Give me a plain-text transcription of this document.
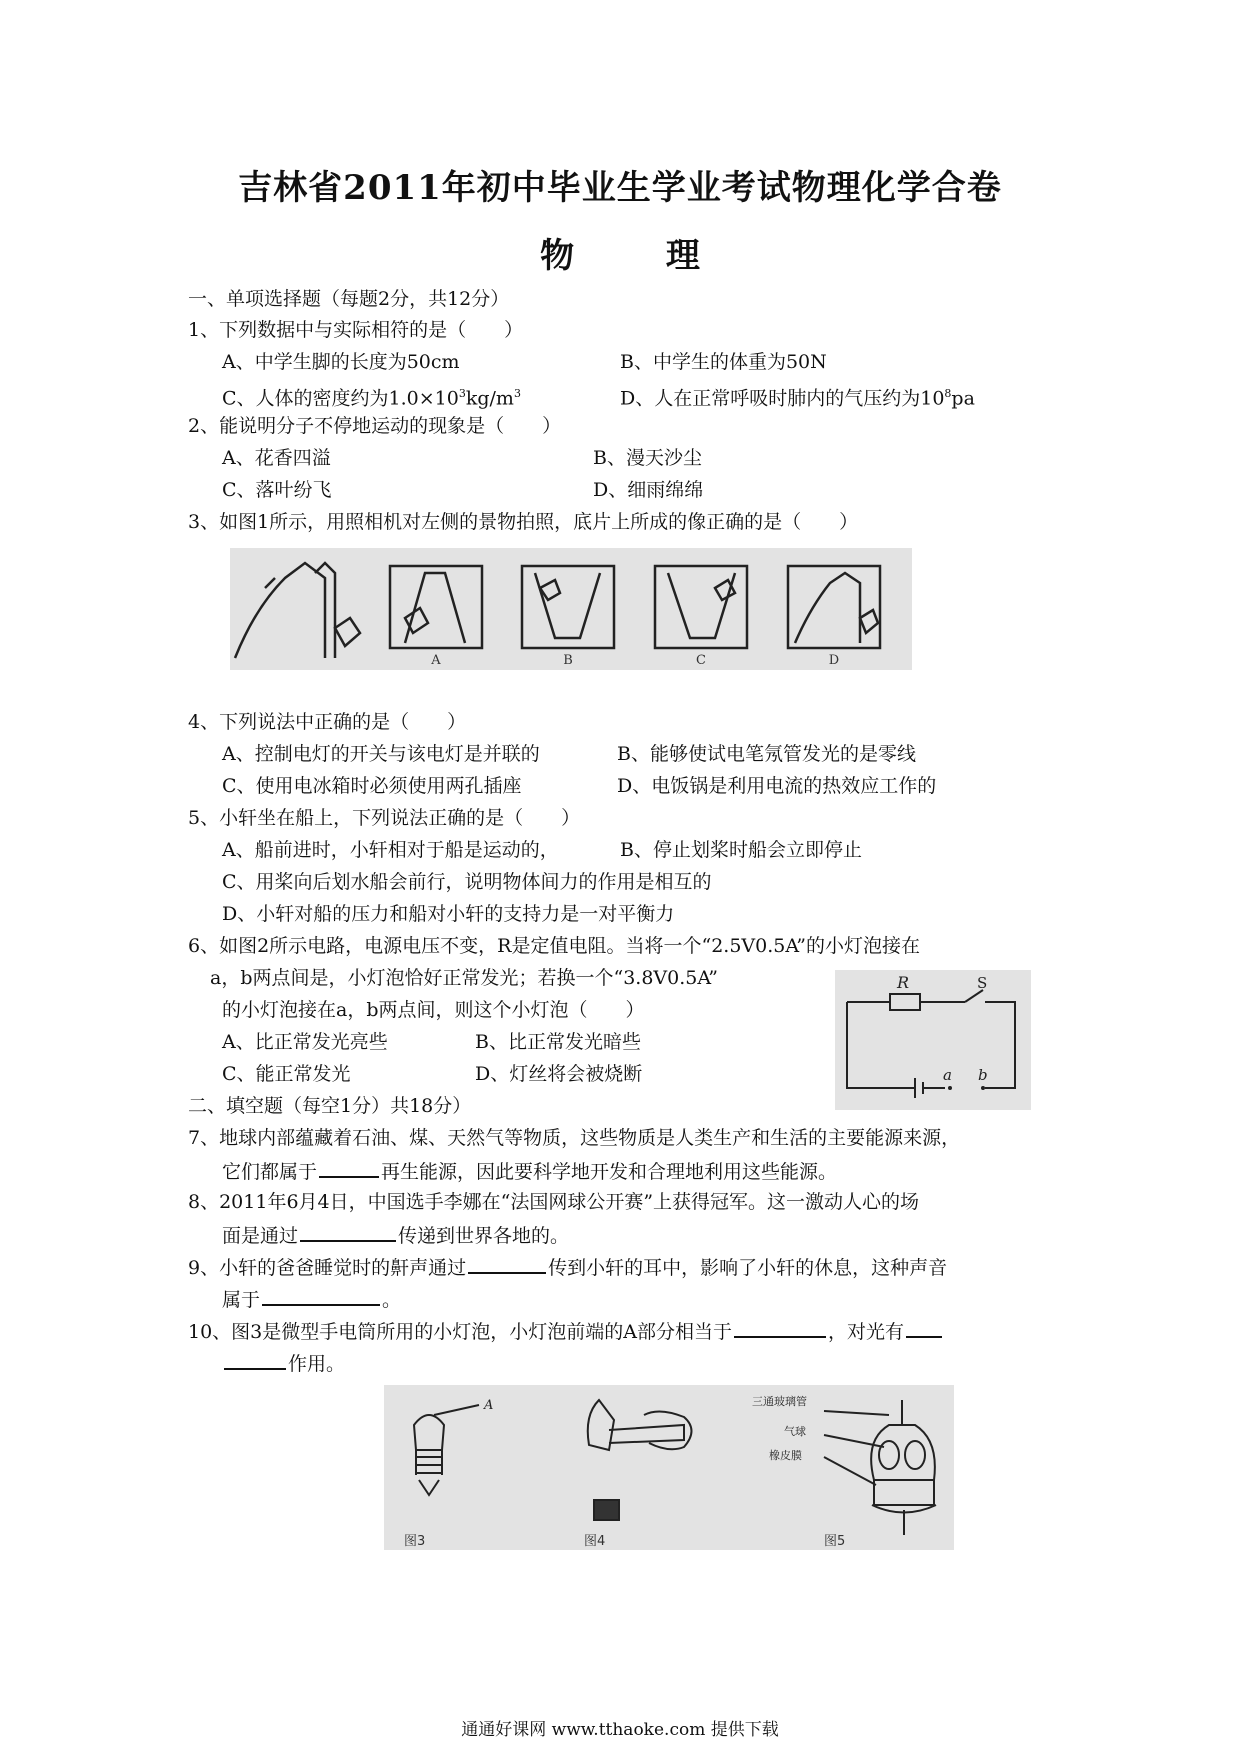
吉林省2011年初中毕业生学业考试物理化学合卷
物 理
一、单项选择题（每题2分，共12分）
1、下列数据中与实际相符的是（　　）
A、中学生脚的长度为50cm	B、中学生的体重为50N
C、人体的密度约为$1.0\times 10^3kg/m^3$	D、人在正常呼吸时肺内的气压约为$10^8pa$
2、能说明分子不停地运动的现象是（　　）
A、花香四溢	B、漫天沙尘
C、落叶纷飞	D、细雨绵绵
3、如图1所示，用照相机对左侧的景物拍照，底片上所成的像正确的是（　　）
A	B	C	D
4、下列说法中正确的是（　　）
A、控制电灯的开关与该电灯是并联的	B、能够使试电笔氖管发光的是零线
C、使用电冰箱时必须使用两孔插座	D、电饭锅是利用电流的热效应工作的
5、小轩坐在船上，下列说法正确的是（　　）
A、船前进时，小轩相对于船是运动的，	B、停止划桨时船会立即停止
C、用桨向后划水船会前行，说明物体间力的作用是相互的
D、小轩对船的压力和船对小轩的支持力是一对平衡力
6、如图2所示电路，电源电压不变，R是定值电阻。当将一个“2.5V0.5A”的小灯泡接在
a，b两点间是，小灯泡恰好正常发光；若换一个“3.8V0.5A”
的小灯泡接在a，b两点间，则这个小灯泡（　　）
A、比正常发光亮些	B、比正常发光暗些
C、能正常发光	D、灯丝将会被烧断
R	S
a b
二、填空题（每空1分）共18分）
7、地球内部蕴藏着石油、煤、天然气等物质，这些物质是人类生产和生活的主要能源来源，
它们都属于	再生能源，因此要科学地开发和合理地利用这些能源。
8、2011年6月4日，中国选手李娜在“法国网球公开赛”上获得冠军。这一激动人心的场
面是通过	传递到世界各地的。
9、小轩的爸爸睡觉时的鼾声通过	传到小轩的耳中，影响了小轩的休息，这种声音
属于	。
10、图3是微型手电筒所用的小灯泡，小灯泡前端的A部分相当于	，对光有
作用。
A
图3	图4	图5
三通玻璃管
气球
橡皮膜
通通好课网 www.tthaoke.com 提供下载
